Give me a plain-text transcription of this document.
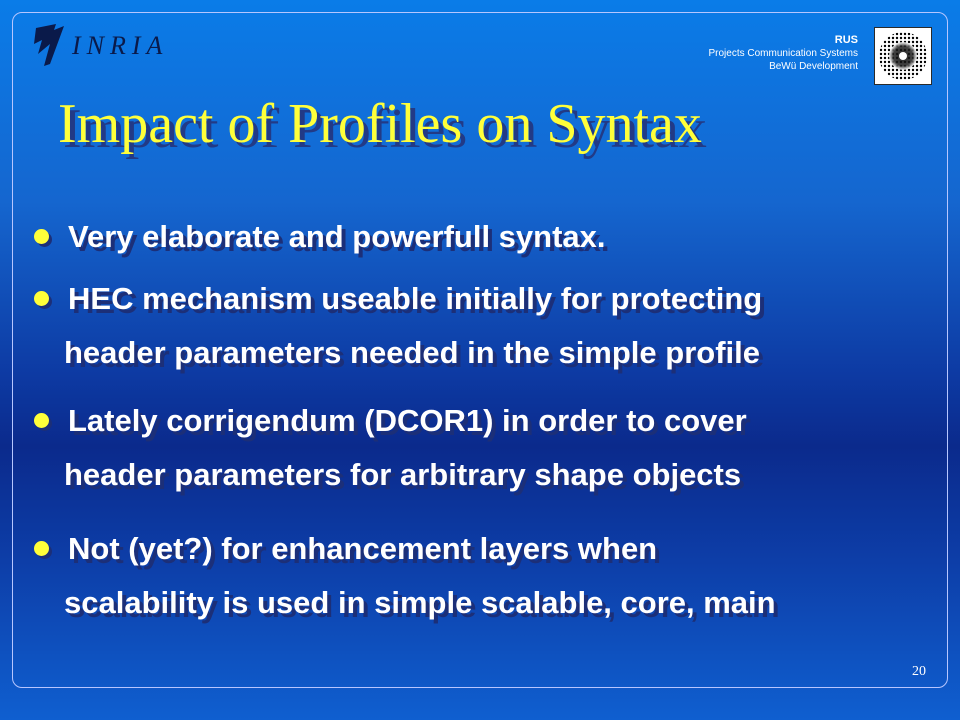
INRIA	RUS
Projects Communication Systems
BeWü Development
Impact of Profiles on Syntax
Very elaborate and powerfull syntax.
HEC mechanism useable initially for protecting
header parameters needed in the simple profile
Lately corrigendum (DCOR1) in order to cover
header parameters for arbitrary shape objects
Not (yet?) for enhancement layers when
scalability is used in simple scalable, core, main
20
